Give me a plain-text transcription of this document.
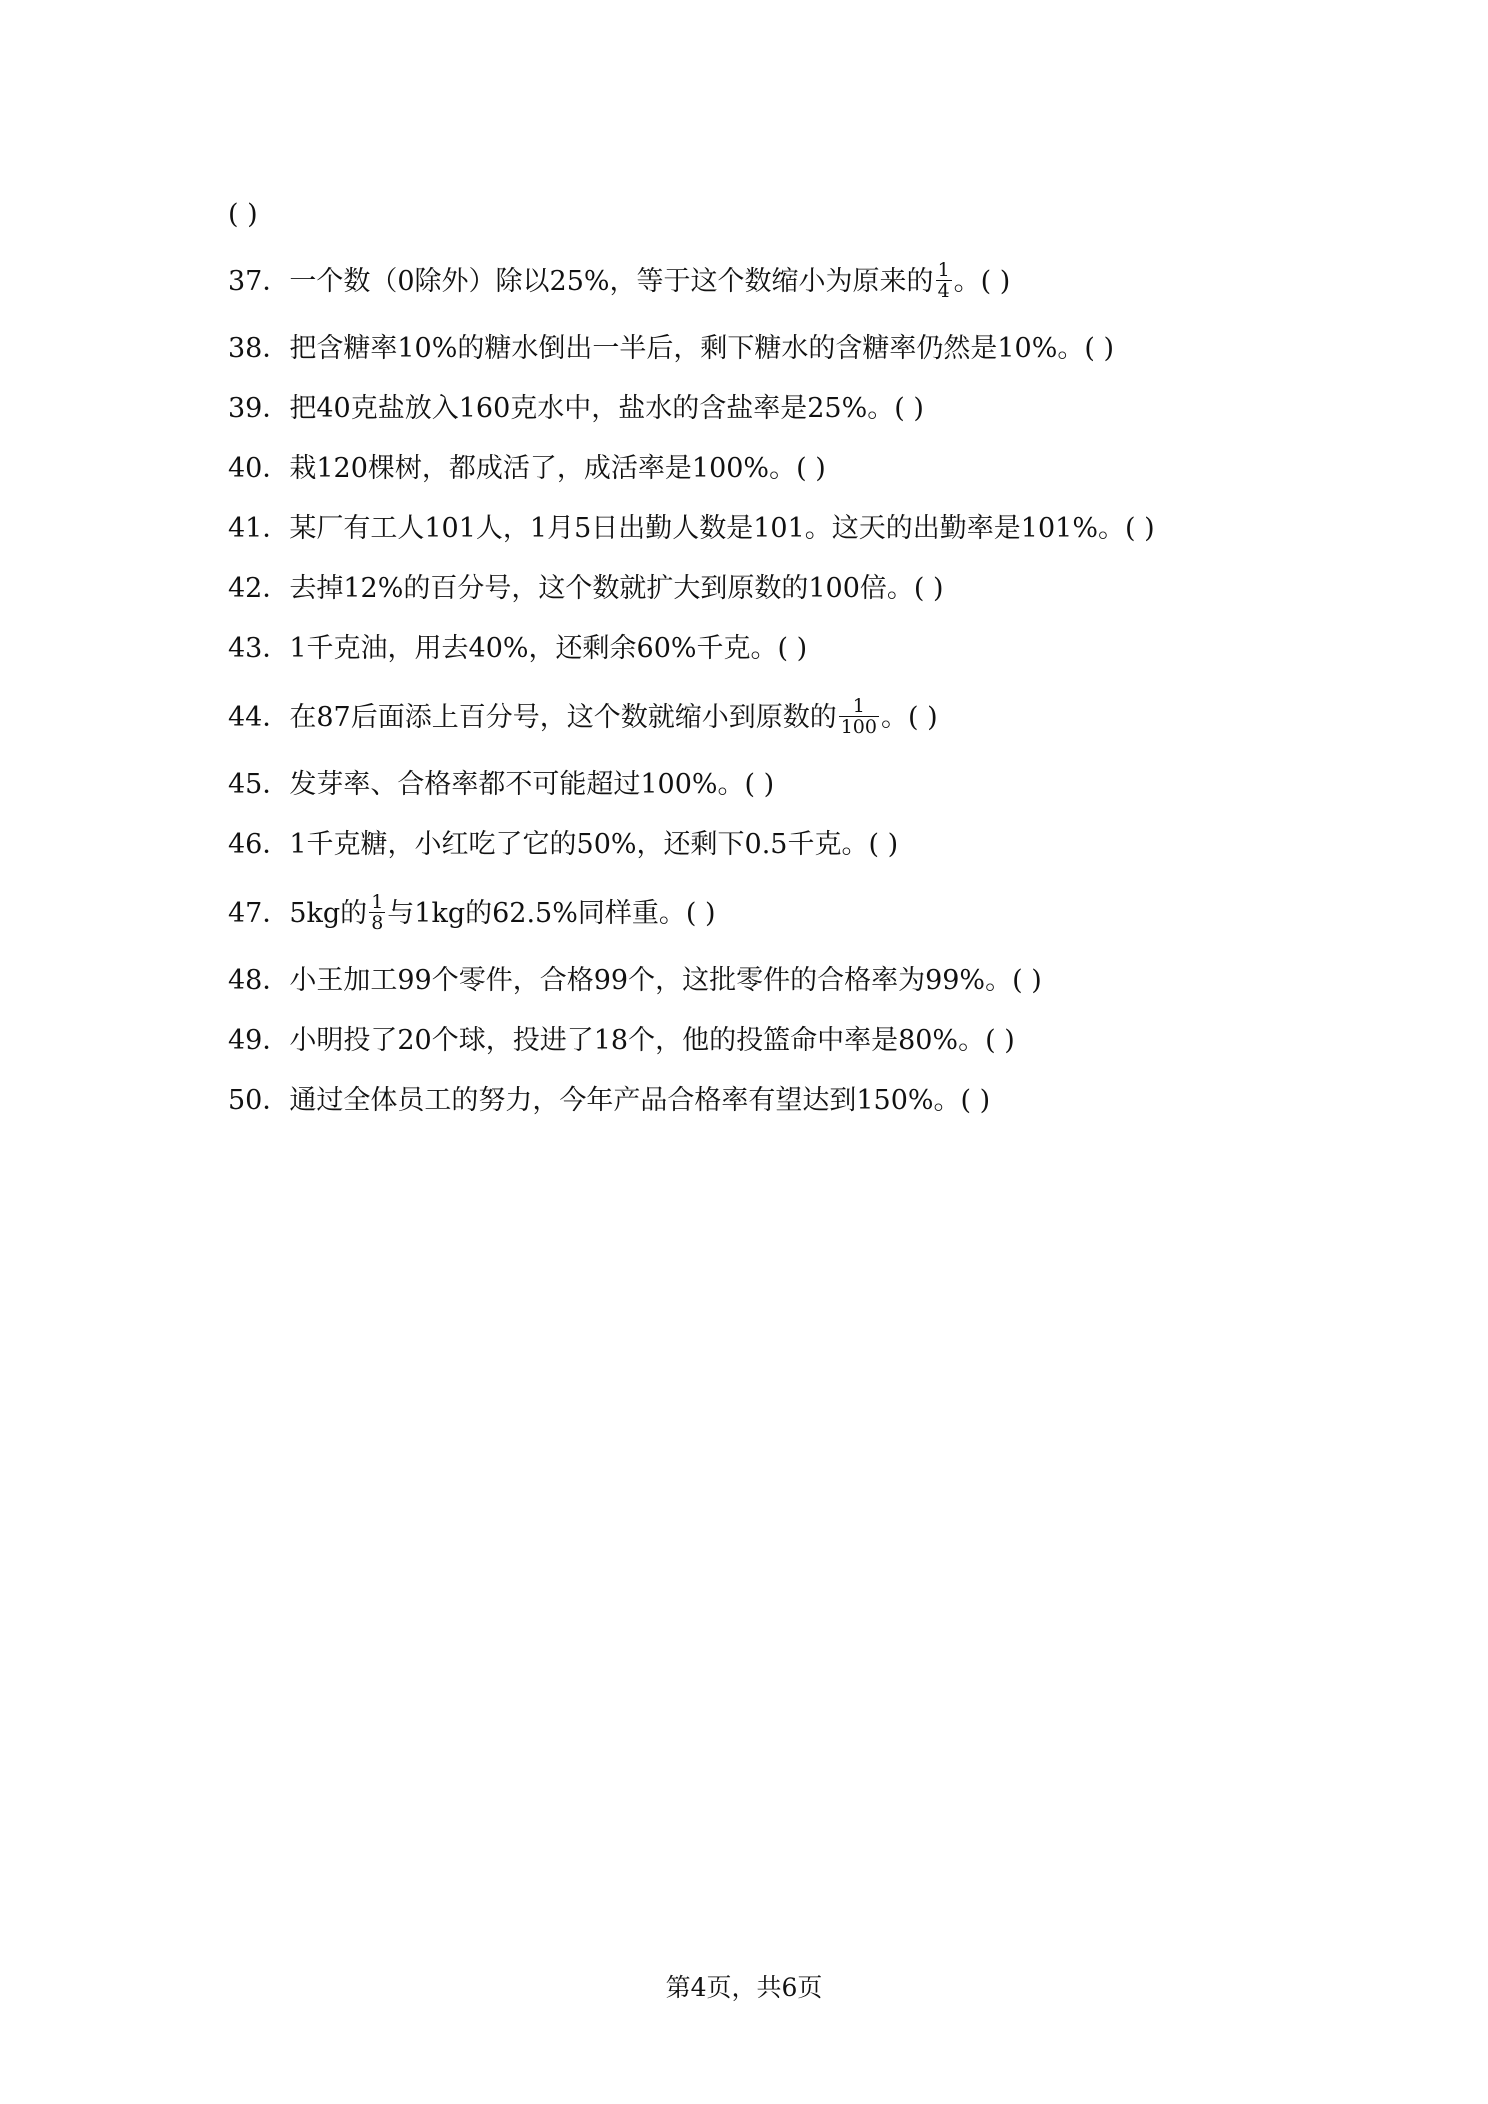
( )
37．一个数（0除外）除以25%，等于这个数缩小为原来的 $\frac{1}{4}$ 。( )
38．把含糖率10%的糖水倒出一半后，剩下糖水的含糖率仍然是10%。( )
39．把40克盐放入160克水中，盐水的含盐率是25%。( )
40．栽120棵树，都成活了，成活率是100%。( )
41．某厂有工人101人，1月5日出勤人数是101。这天的出勤率是101%。( )
42．去掉12%的百分号，这个数就扩大到原数的100倍。( )
43．1千克油，用去40%，还剩余60%千克。( )
44．在87后面添上百分号，这个数就缩小到原数的 $\frac{1}{100}$ 。( )
45．发芽率、合格率都不可能超过100%。( )
46．1千克糖，小红吃了它的50%，还剩下0.5千克。( )
47．5kg的 $\frac{1}{8}$ 与1kg的62.5%同样重。( )
48．小王加工99个零件，合格99个，这批零件的合格率为99%。( )
49．小明投了20个球，投进了18个，他的投篮命中率是80%。( )
50．通过全体员工的努力，今年产品合格率有望达到150%。( )
第4页，共6页
